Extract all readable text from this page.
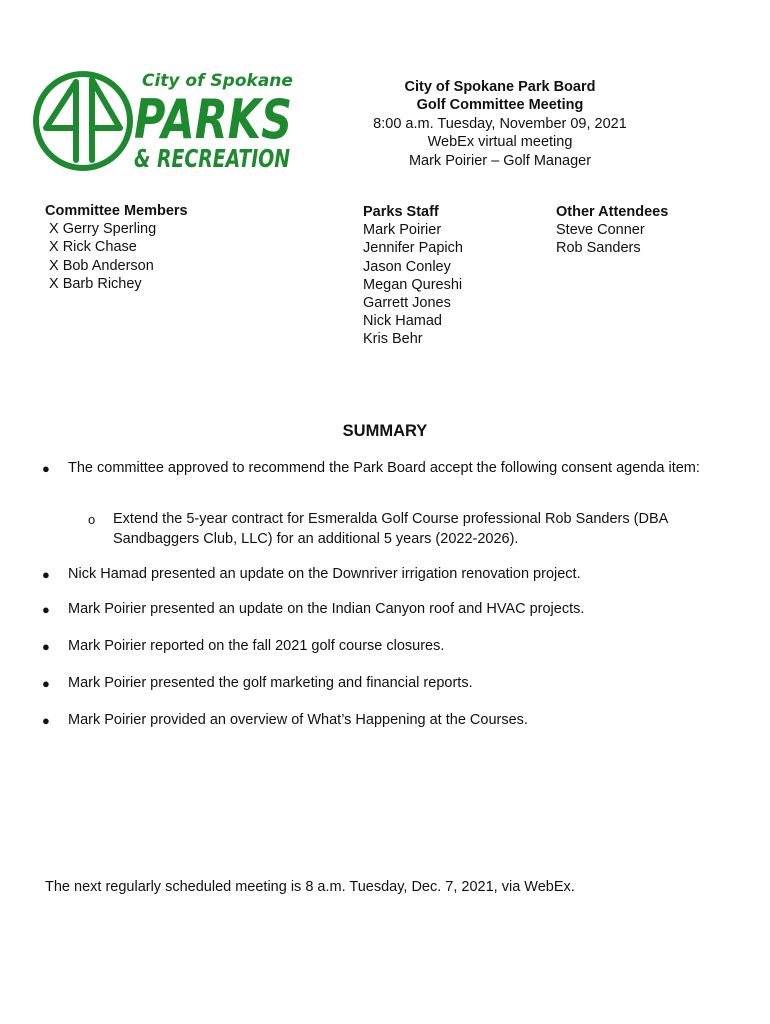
City of Spokane
PARKS
& RECREATION
City of Spokane Park Board
Golf Committee Meeting
8:00 a.m. Tuesday, November 09, 2021
WebEx virtual meeting
Mark Poirier – Golf Manager
Committee Members
X Gerry Sperling
X Rick Chase
X Bob Anderson
X Barb Richey
Parks Staff
Mark Poirier
Jennifer Papich
Jason Conley
Megan Qureshi
Garrett Jones
Nick Hamad
Kris Behr
Other Attendees
Steve Conner
Rob Sanders
SUMMARY
● The committee approved to recommend the Park Board accept the following consent agenda item:
o Extend the 5-year contract for Esmeralda Golf Course professional Rob Sanders (DBA Sandbaggers Club, LLC) for an additional 5 years (2022-2026).
● Nick Hamad presented an update on the Downriver irrigation renovation project.
● Mark Poirier presented an update on the Indian Canyon roof and HVAC projects.
● Mark Poirier reported on the fall 2021 golf course closures.
● Mark Poirier presented the golf marketing and financial reports.
● Mark Poirier provided an overview of What’s Happening at the Courses.
The next regularly scheduled meeting is 8 a.m. Tuesday, Dec. 7, 2021, via WebEx.
